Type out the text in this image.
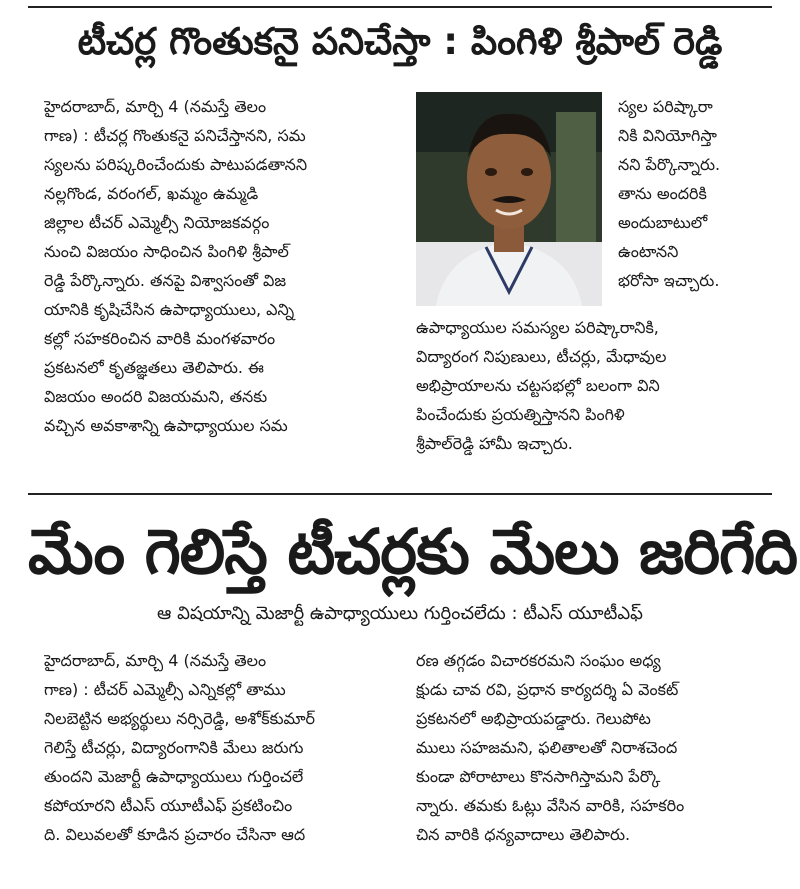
టీచర్ల గొంతుకనై పనిచేస్తా : పింగిళి శ్రీపాల్ రెడ్డి
హైదరాబాద్, మార్చి 4 (నమస్తే తెలం
గాణ) : టీచర్ల గొంతుకనై పనిచేస్తానని, సమ
స్యలను పరిష్కరించేందుకు పాటుపడతానని
నల్లగొండ, వరంగల్, ఖమ్మం ఉమ్మడి
జిల్లాల టీచర్ ఎమ్మెల్సీ నియోజకవర్గం
నుంచి విజయం సాధించిన పింగిళి శ్రీపాల్
రెడ్డి పేర్కొన్నారు. తనపై విశ్వాసంతో విజ
యానికి కృషిచేసిన ఉపాధ్యాయులు, ఎన్ని
కల్లో సహకరించిన వారికి మంగళవారం
ప్రకటనలో కృతజ్ఞతలు తెలిపారు. ఈ
విజయం అందరి విజయమని, తనకు
వచ్చిన అవకాశాన్ని ఉపాధ్యాయుల సమ
స్యల పరిష్కారా
నికి వినియోగిస్తా
నని పేర్కొన్నారు.
తాను అందరికి
అందుబాటులో
ఉంటానని
భరోసా ఇచ్చారు.
ఉపాధ్యాయుల సమస్యల పరిష్కారానికి,
విద్యారంగ నిపుణులు, టీచర్లు, మేధావుల
అభిప్రాయాలను చట్టసభల్లో బలంగా విని
పించేందుకు ప్రయత్నిస్తానని పింగిళి
శ్రీపాల్‌రెడ్డి హామీ ఇచ్చారు.
మేం గెలిస్తే టీచర్లకు మేలు జరిగేది
ఆ విషయాన్ని మెజార్టీ ఉపాధ్యాయులు గుర్తించలేదు : టీఎస్ యూటీఎఫ్
హైదరాబాద్, మార్చి 4 (నమస్తే తెలం
గాణ) : టీచర్ ఎమ్మెల్సీ ఎన్నికల్లో తాము
నిలబెట్టిన అభ్యర్థులు నర్సిరెడ్డి, అశోక్‌కుమార్
గెలిస్తే టీచర్లు, విద్యారంగానికి మేలు జరుగు
తుందని మెజార్టీ ఉపాధ్యాయులు గుర్తించలే
కపోయారని టీఎస్ యూటీఎఫ్ ప్రకటించిం
ది. విలువలతో కూడిన ప్రచారం చేసినా ఆద
రణ తగ్గడం విచారకరమని సంఘం అధ్య
క్షుడు చావ రవి, ప్రధాన కార్యదర్శి ఏ వెంకట్
ప్రకటనలో అభిప్రాయపడ్డారు. గెలుపోట
ములు సహజమని, ఫలితాలతో నిరాశచెంద
కుండా పోరాటాలు కొనసాగిస్తామని పేర్కొ
న్నారు. తమకు ఓట్లు వేసిన వారికి, సహకరిం
చిన వారికి ధన్యవాదాలు తెలిపారు.
